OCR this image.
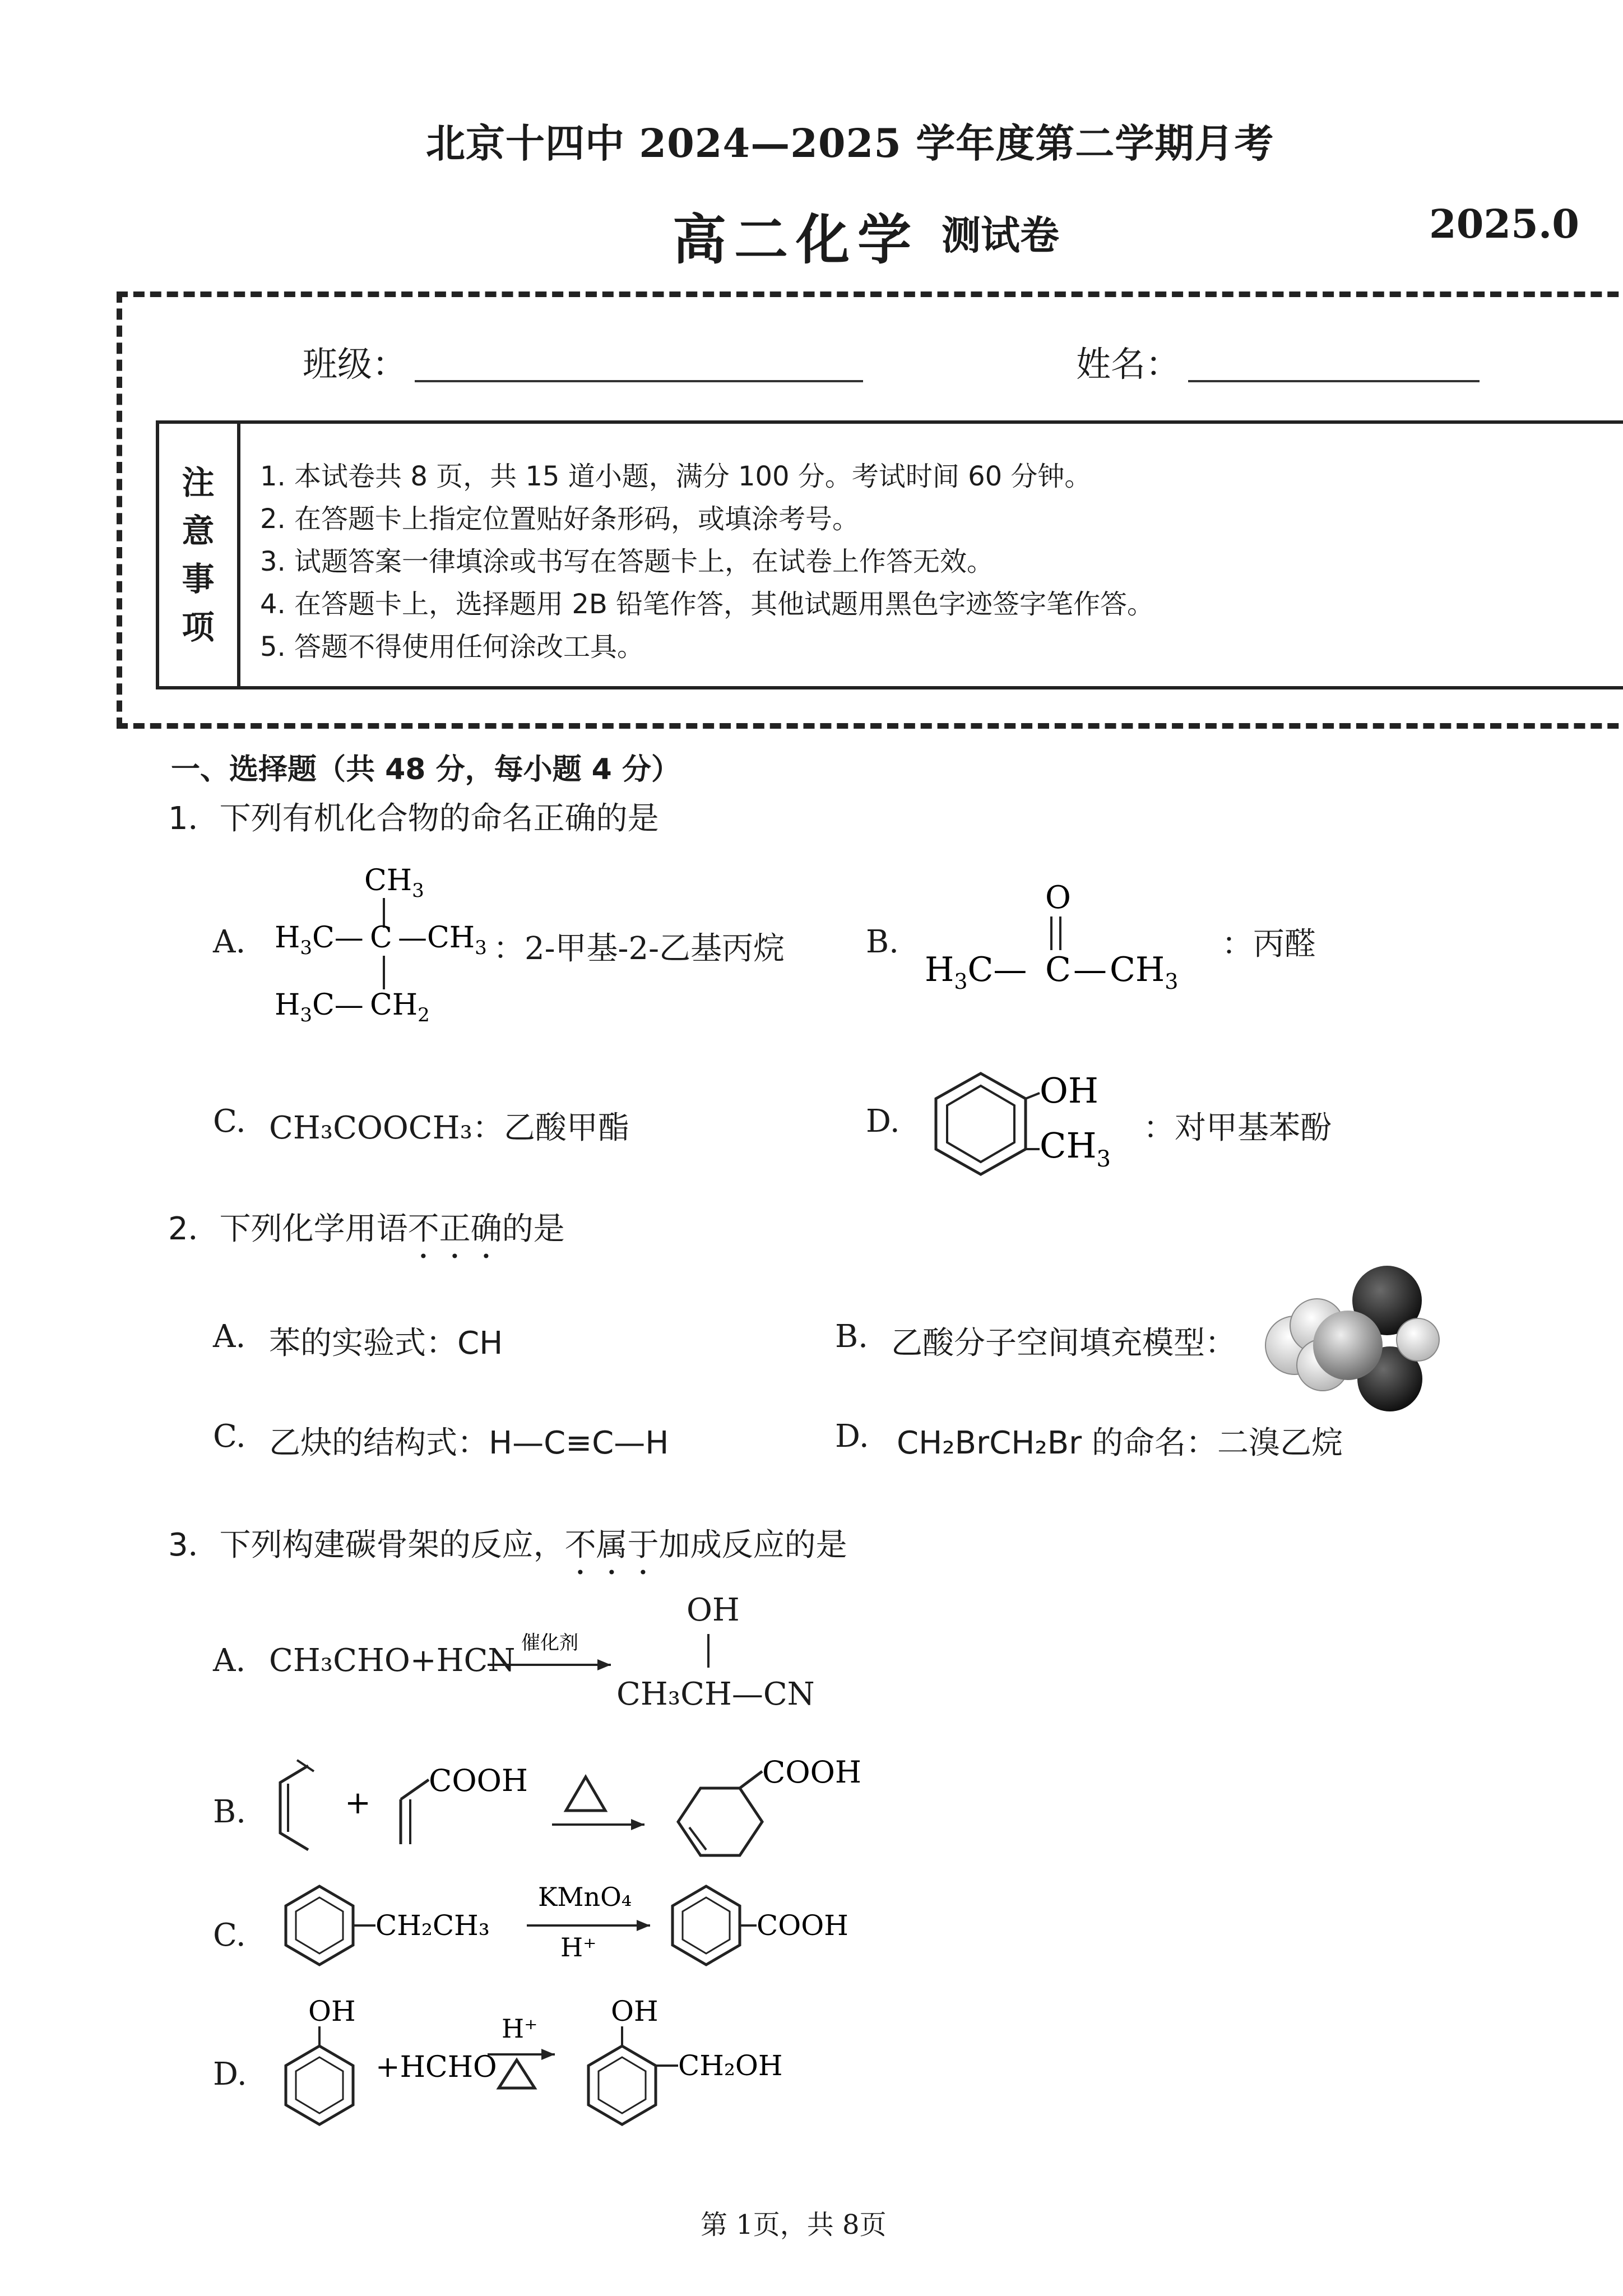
北京十四中 2024—2025 学年度第二学期月考
高二化学 测试卷	2025.0
班级：	姓名：
注
意
事
项
1. 本试卷共 8 页，共 15 道小题，满分 100 分。考试时间 60 分钟。
2. 在答题卡上指定位置贴好条形码，或填涂考号。
3. 试题答案一律填涂或书写在答题卡上，在试卷上作答无效。
4. 在答题卡上，选择题用 2B 铅笔作答，其他试题用黑色字迹签字笔作答。
5. 答题不得使用任何涂改工具。
一、选择题（共 48 分，每小题 4 分）
1．下列有机化合物的命名正确的是
A.
$CH_3$
$H_3C—$ C $—CH_3$
$H_3C—$ $CH_2$
：2-甲基-2-乙基丙烷	B.
O
$H_3C—$ C — $CH_3$
：丙醛
C. CH₃COOCH₃：乙酸甲酯	D.
OH
$CH_3$
：对甲基苯酚
2．下列化学用语不正确的是
A. 苯的实验式：CH	B. 乙酸分子空间填充模型：
C. 乙炔的结构式：H—C≡C—H	D. CH₂BrCH₂Br 的命名：二溴乙烷
3．下列构建碳骨架的反应，不属于加成反应的是
A. CH₃CHO+HCN 催化剂
OH
CH₃CH—CN
B.	+
COOH	COOH
C.	CH₂CH₃
KMnO₄
H⁺
COOH
D.
OH
+HCHO
H⁺
OH
CH₂OH
第 1页，共 8页
